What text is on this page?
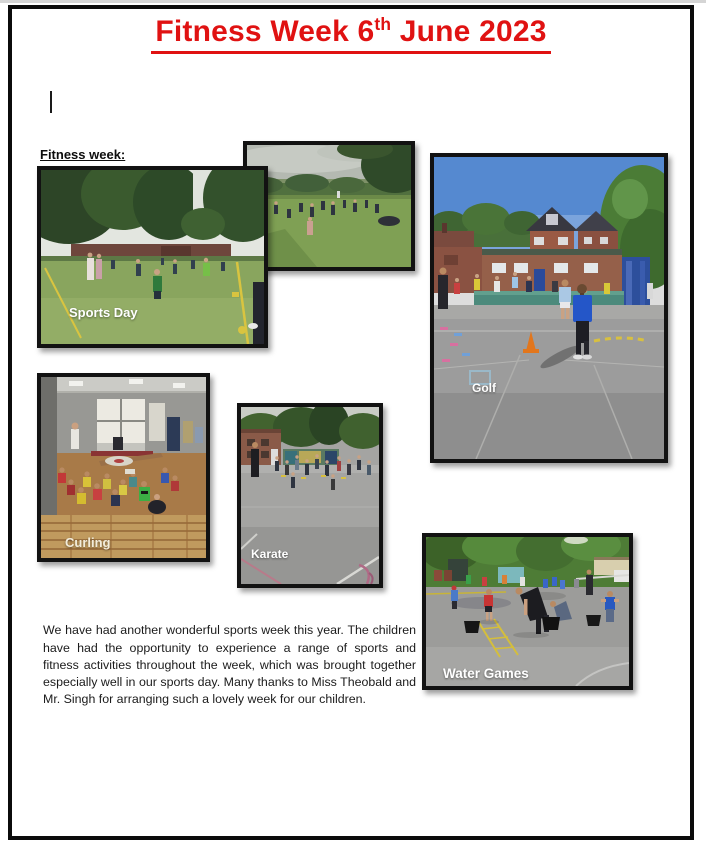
Fitness Week 6th June 2023
Fitness week:
Sports Day
Golf
Curling
Karate
Water Games

We have had another wonderful sports week this year. The children have had the opportunity to experience a range of sports and fitness activities throughout the week, which was brought together especially well in our sports day. Many thanks to Miss Theobald and Mr. Singh for arranging such a lovely week for our children.
